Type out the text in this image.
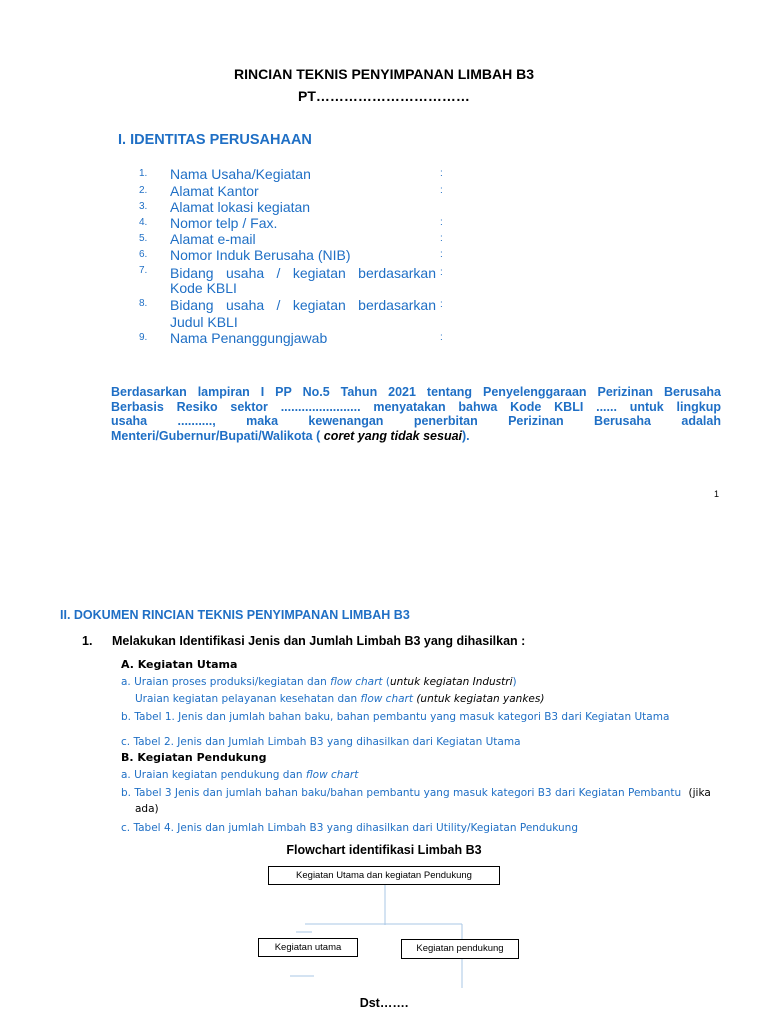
RINCIAN TEKNIS PENYIMPANAN LIMBAH B3
PT……………………………
I. IDENTITAS PERUSAHAAN
1. Nama Usaha/Kegiatan	:
2. Alamat Kantor	:
3. Alamat lokasi kegiatan
4. Nomor telp / Fax.	:
5. Alamat e-mail	:
6. Nomor Induk Berusaha (NIB)	:
7. Bidang usaha / kegiatan berdasarkan
Kode KBLI
:
8. Bidang usaha / kegiatan berdasarkan
Judul KBLI
:
9. Nama Penanggungjawab	:
Berdasarkan lampiran I PP No.5 Tahun 2021 tentang Penyelenggaraan Perizinan Berusaha
Berbasis Resiko sektor ....................... menyatakan bahwa Kode KBLI ...... untuk lingkup
usaha .........., maka kewenangan penerbitan Perizinan Berusaha adalah
Menteri/Gubernur/Bupati/Walikota ( coret yang tidak sesuai).
1
II. DOKUMEN RINCIAN TEKNIS PENYIMPANAN LIMBAH B3
1. Melakukan Identifikasi Jenis dan Jumlah Limbah B3 yang dihasilkan :
A. Kegiatan Utama
a. Uraian proses produksi/kegiatan dan flow chart (untuk kegiatan Industri)
Uraian kegiatan pelayanan kesehatan dan flow chart (untuk kegiatan yankes)
b. Tabel 1. Jenis dan jumlah bahan baku, bahan pembantu yang masuk kategori B3 dari Kegiatan Utama
c. Tabel 2. Jenis dan Jumlah Limbah B3 yang dihasilkan dari Kegiatan Utama
B. Kegiatan Pendukung
a. Uraian kegiatan pendukung dan flow chart
b. Tabel 3 Jenis dan jumlah bahan baku/bahan pembantu yang masuk kategori B3 dari Kegiatan Pembantu (jika
ada)
c. Tabel 4. Jenis dan jumlah Limbah B3 yang dihasilkan dari Utility/Kegiatan Pendukung
Flowchart identifikasi Limbah B3
Kegiatan Utama dan kegiatan Pendukung
Kegiatan utama	Kegiatan pendukung
Dst…….
